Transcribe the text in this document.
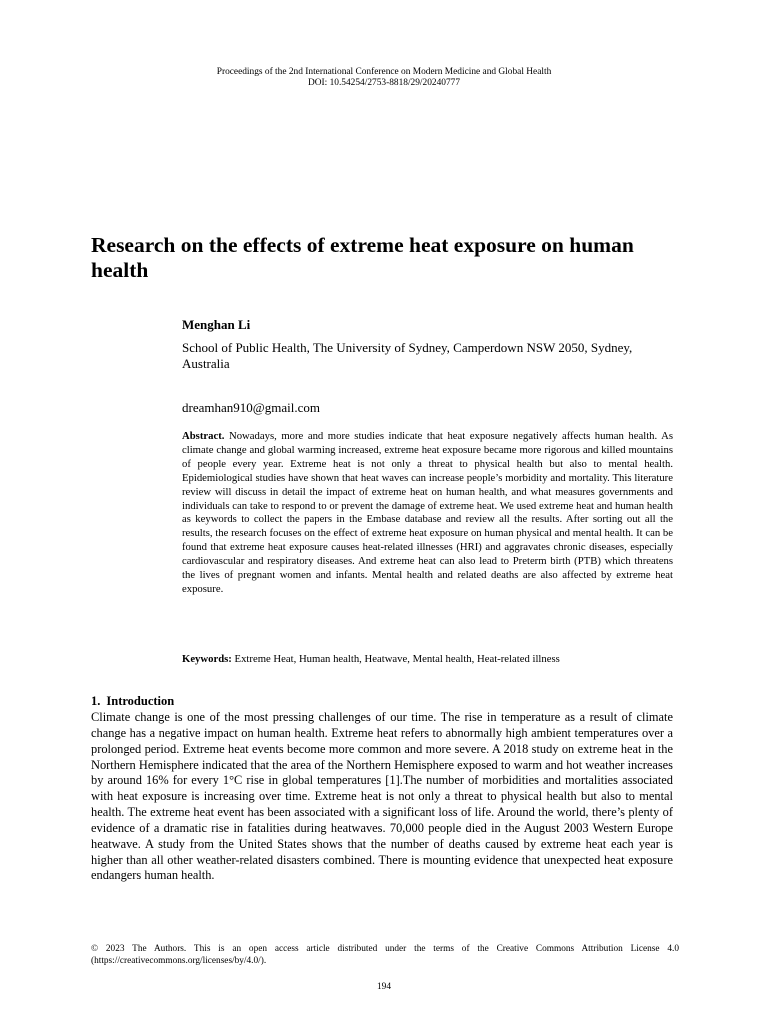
Proceedings of the 2nd International Conference on Modern Medicine and Global Health
DOI: 10.54254/2753-8818/29/20240777
Research on the effects of extreme heat exposure on human health
Menghan Li
School of Public Health, The University of Sydney, Camperdown NSW 2050, Sydney, Australia
dreamhan910@gmail.com

Abstract. Nowadays, more and more studies indicate that heat exposure negatively affects human health. As climate change and global warming increased, extreme heat exposure became more rigorous and killed mountains of people every year. Extreme heat is not only a threat to physical health but also to mental health. Epidemiological studies have shown that heat waves can increase people’s morbidity and mortality. This literature review will discuss in detail the impact of extreme heat on human health, and what measures governments and individuals can take to respond to or prevent the damage of extreme heat. We used extreme heat and human health as keywords to collect the papers in the Embase database and review all the results. After sorting out all the results, the research focuses on the effect of extreme heat exposure on human physical and mental health. It can be found that extreme heat exposure causes heat-related illnesses (HRI) and aggravates chronic diseases, especially cardiovascular and respiratory diseases. And extreme heat can also lead to Preterm birth (PTB) which threatens the lives of pregnant women and infants. Mental health and related deaths are also affected by extreme heat exposure.

Keywords: Extreme Heat, Human health, Heatwave, Mental health, Heat-related illness

1. Introduction

Climate change is one of the most pressing challenges of our time. The rise in temperature as a result of climate change has a negative impact on human health. Extreme heat refers to abnormally high ambient temperatures over a prolonged period. Extreme heat events become more common and more severe. A 2018 study on extreme heat in the Northern Hemisphere indicated that the area of the Northern Hemisphere exposed to warm and hot weather increases by around 16% for every 1°C rise in global temperatures [1].The number of morbidities and mortalities associated with heat exposure is increasing over time. Extreme heat is not only a threat to physical health but also to mental health. The extreme heat event has been associated with a significant loss of life. Around the world, there’s plenty of evidence of a dramatic rise in fatalities during heatwaves. 70,000 people died in the August 2003 Western Europe heatwave. A study from the United States shows that the number of deaths caused by extreme heat each year is higher than all other weather-related disasters combined. There is mounting evidence that unexpected heat exposure endangers human health.

© 2023 The Authors. This is an open access article distributed under the terms of the Creative Commons Attribution License 4.0 (https://creativecommons.org/licenses/by/4.0/).

194
